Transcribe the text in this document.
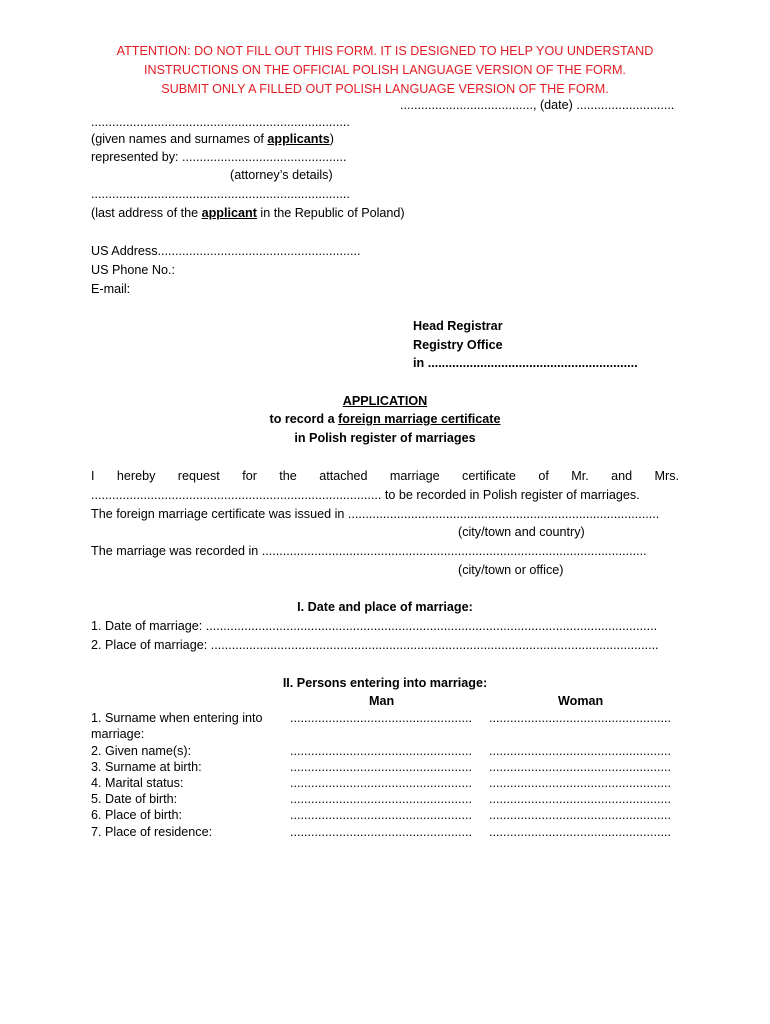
ATTENTION: DO NOT FILL OUT THIS FORM. IT IS DESIGNED TO HELP YOU UNDERSTAND
INSTRUCTIONS ON THE OFFICIAL POLISH LANGUAGE VERSION OF THE FORM.
SUBMIT ONLY A FILLED OUT POLISH LANGUAGE VERSION OF THE FORM.
......................................, (date) ............................
..........................................................................
(given names and surnames of applicants)
represented by: ...............................................
(attorney’s details)
..........................................................................
(last address of the applicant in the Republic of Poland)
US Address..........................................................
US Phone No.:
E-mail:
Head Registrar
Registry Office
in ............................................................
APPLICATION
to record a foreign marriage certificate
in Polish register of marriages
I hereby request for the attached marriage certificate of Mr. and Mrs.
................................................................................... to be recorded in Polish register of marriages.
The foreign marriage certificate was issued in .........................................................................................
(city/town and country)
The marriage was recorded in ..............................................................................................................
(city/town or office)
I. Date and place of marriage:
1. Date of marriage: .................................................................................................................................
2. Place of marriage: ................................................................................................................................
II. Persons entering into marriage:
Man	Woman
1. Surname when entering into
marriage:
.................................................... ....................................................
2. Given name(s):	.................................................... ....................................................
3. Surname at birth:	.................................................... ....................................................
4. Marital status:	.................................................... ....................................................
5. Date of birth:	.................................................... ....................................................
6. Place of birth:	.................................................... ....................................................
7. Place of residence:	.................................................... ....................................................
